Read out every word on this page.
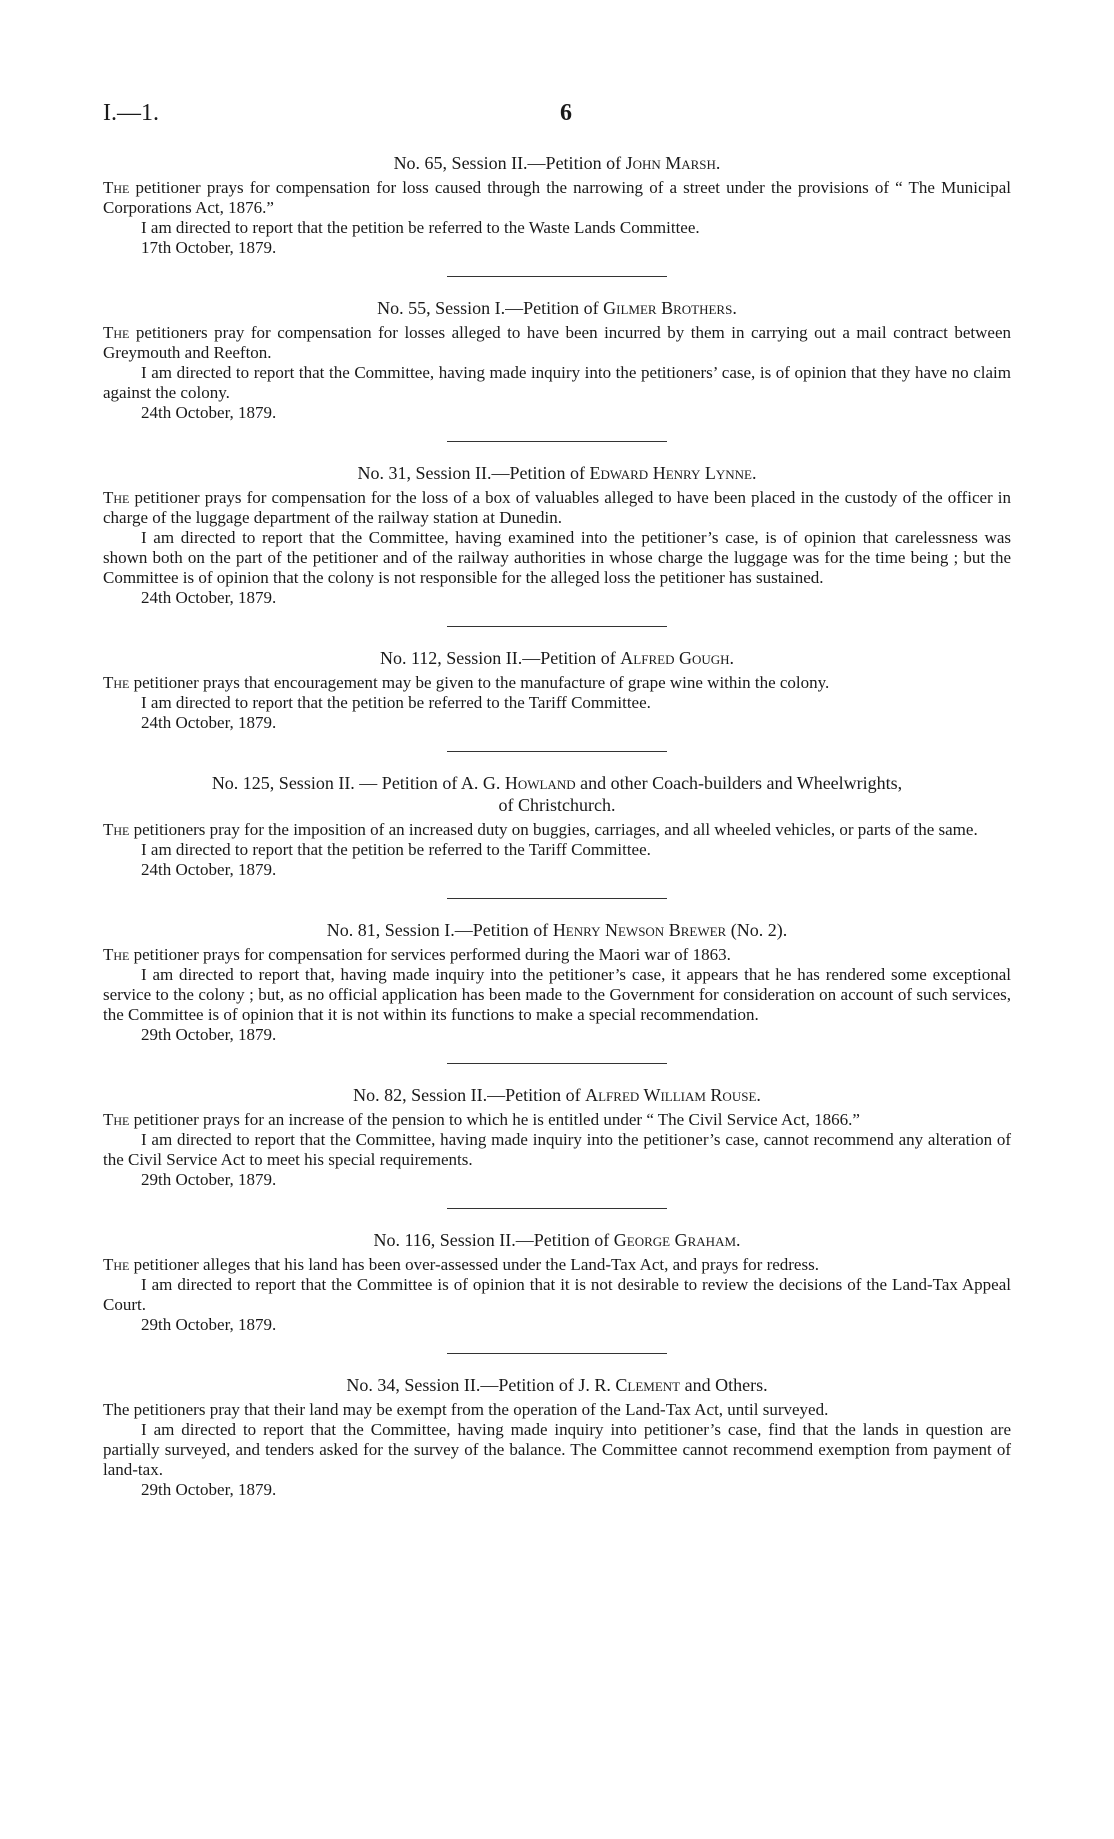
I.—1.	6
No. 65, Session II.—Petition of John Marsh.

The petitioner prays for compensation for loss caused through the narrowing of a street under the provisions of “ The Municipal Corporations Act, 1876.”

I am directed to report that the petition be referred to the Waste Lands Committee.

17th October, 1879.
No. 55, Session I.—Petition of Gilmer Brothers.

The petitioners pray for compensation for losses alleged to have been incurred by them in carrying out a mail contract between Greymouth and Reefton.

I am directed to report that the Committee, having made inquiry into the petitioners’ case, is of opinion that they have no claim against the colony.

24th October, 1879.
No. 31, Session II.—Petition of Edward Henry Lynne.

The petitioner prays for compensation for the loss of a box of valuables alleged to have been placed in the custody of the officer in charge of the luggage department of the railway station at Dunedin.

I am directed to report that the Committee, having examined into the petitioner’s case, is of opinion that carelessness was shown both on the part of the petitioner and of the railway authorities in whose charge the luggage was for the time being ; but the Committee is of opinion that the colony is not responsible for the alleged loss the petitioner has sustained.

24th October, 1879.
No. 112, Session II.—Petition of Alfred Gough.

The petitioner prays that encouragement may be given to the manufacture of grape wine within the colony.

I am directed to report that the petition be referred to the Tariff Committee.

24th October, 1879.
No. 125, Session II. — Petition of A. G. Howland and other Coach-builders and Wheelwrights,
of Christchurch.

The petitioners pray for the imposition of an increased duty on buggies, carriages, and all wheeled vehicles, or parts of the same.

I am directed to report that the petition be referred to the Tariff Committee.

24th October, 1879.
No. 81, Session I.—Petition of Henry Newson Brewer (No. 2).

The petitioner prays for compensation for services performed during the Maori war of 1863.

I am directed to report that, having made inquiry into the petitioner’s case, it appears that he has rendered some exceptional service to the colony ; but, as no official application has been made to the Government for consideration on account of such services, the Committee is of opinion that it is not within its functions to make a special recommendation.

29th October, 1879.
No. 82, Session II.—Petition of Alfred William Rouse.

The petitioner prays for an increase of the pension to which he is entitled under “ The Civil Service Act, 1866.”

I am directed to report that the Committee, having made inquiry into the petitioner’s case, cannot recommend any alteration of the Civil Service Act to meet his special requirements.

29th October, 1879.
No. 116, Session II.—Petition of George Graham.

The petitioner alleges that his land has been over-assessed under the Land-Tax Act, and prays for redress.

I am directed to report that the Committee is of opinion that it is not desirable to review the decisions of the Land-Tax Appeal Court.

29th October, 1879.
No. 34, Session II.—Petition of J. R. Clement and Others.

The petitioners pray that their land may be exempt from the operation of the Land-Tax Act, until surveyed.

I am directed to report that the Committee, having made inquiry into petitioner’s case, find that the lands in question are partially surveyed, and tenders asked for the survey of the balance. The Committee cannot recommend exemption from payment of land-tax.

29th October, 1879.
